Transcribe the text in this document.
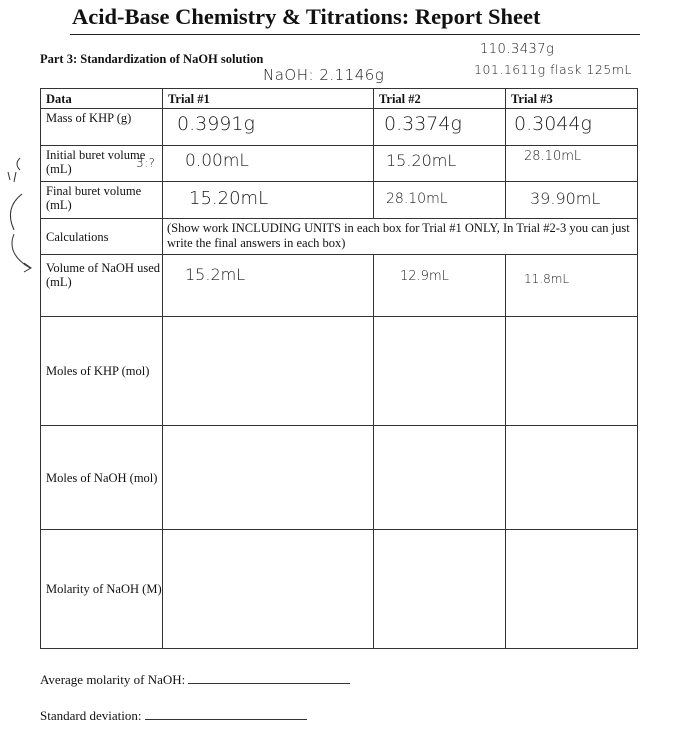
Acid-Base Chemistry & Titrations: Report Sheet
Part 3: Standardization of NaOH solution
NaOH: 2.1146g
110.3437g
101.1611g flask 125mL
3:?
Data	Trial #1	Trial #2	Trial #3
Mass of KHP (g)	0.3991g	0.3374g	0.3044g

Initial buret volume (mL)	0.00mL	15.20mL	28.10mL

Final buret volume (mL)	15.20mL	28.10mL	39.90mL

Calculations	(Show work INCLUDING UNITS in each box for Trial #1 ONLY, In Trial #2-3 you can just write the final answers in each box)		
Volume of NaOH used (mL)	15.2mL	12.9mL	11.8mL

Moles of KHP (mol)			
Moles of NaOH (mol)			
Molarity of NaOH (M)			
Average molarity of NaOH:
Standard deviation:
